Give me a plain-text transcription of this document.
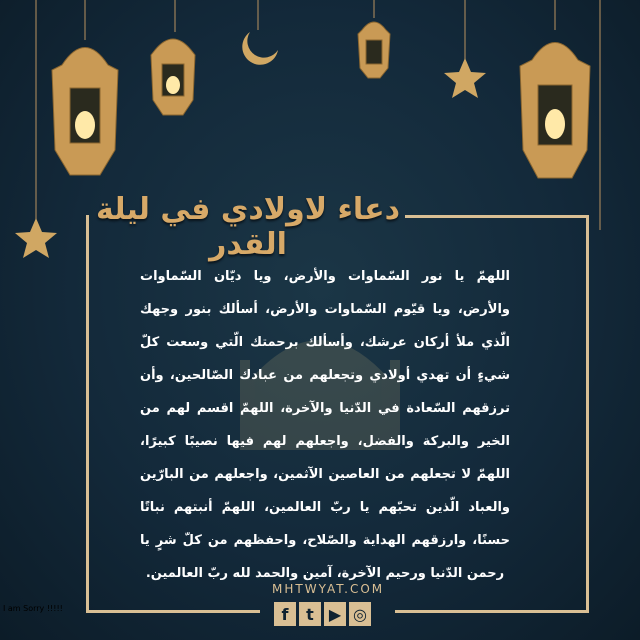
دعاء لاولادي في ليلة القدر
اللهمّ يا نور السّماوات والأرض، ويا ديّان السّماوات والأرض، ويا قيّوم السّماوات والأرض، أسألك بنور وجهك الّذي ملأ أركان عرشك، وأسألك برحمتك الّتي وسعت كلّ شيءٍ أن تهدي أولادي وتجعلهم من عبادك الصّالحين، وأن ترزقهم السّعادة في الدّنيا والآخرة، اللهمّ اقسم لهم من الخير والبركة والفضل، واجعلهم لهم فيها نصيبًا كبيرًا، اللهمّ لا تجعلهم من العاصين الآثمين، واجعلهم من البارّين والعباد الّذين تحبّهم يا ربّ العالمين، اللهمّ أنبتهم نباتًا حسنًا، وارزقهم الهداية والصّلاح، واحفظهم من كلّ شرٍ يا رحمن الدّنيا ورحيم الآخرة، آمين والحمد لله ربّ العالمين.
MHTWYAT.COM
f	t ▶ ◎
I am Sorry !!!!!
